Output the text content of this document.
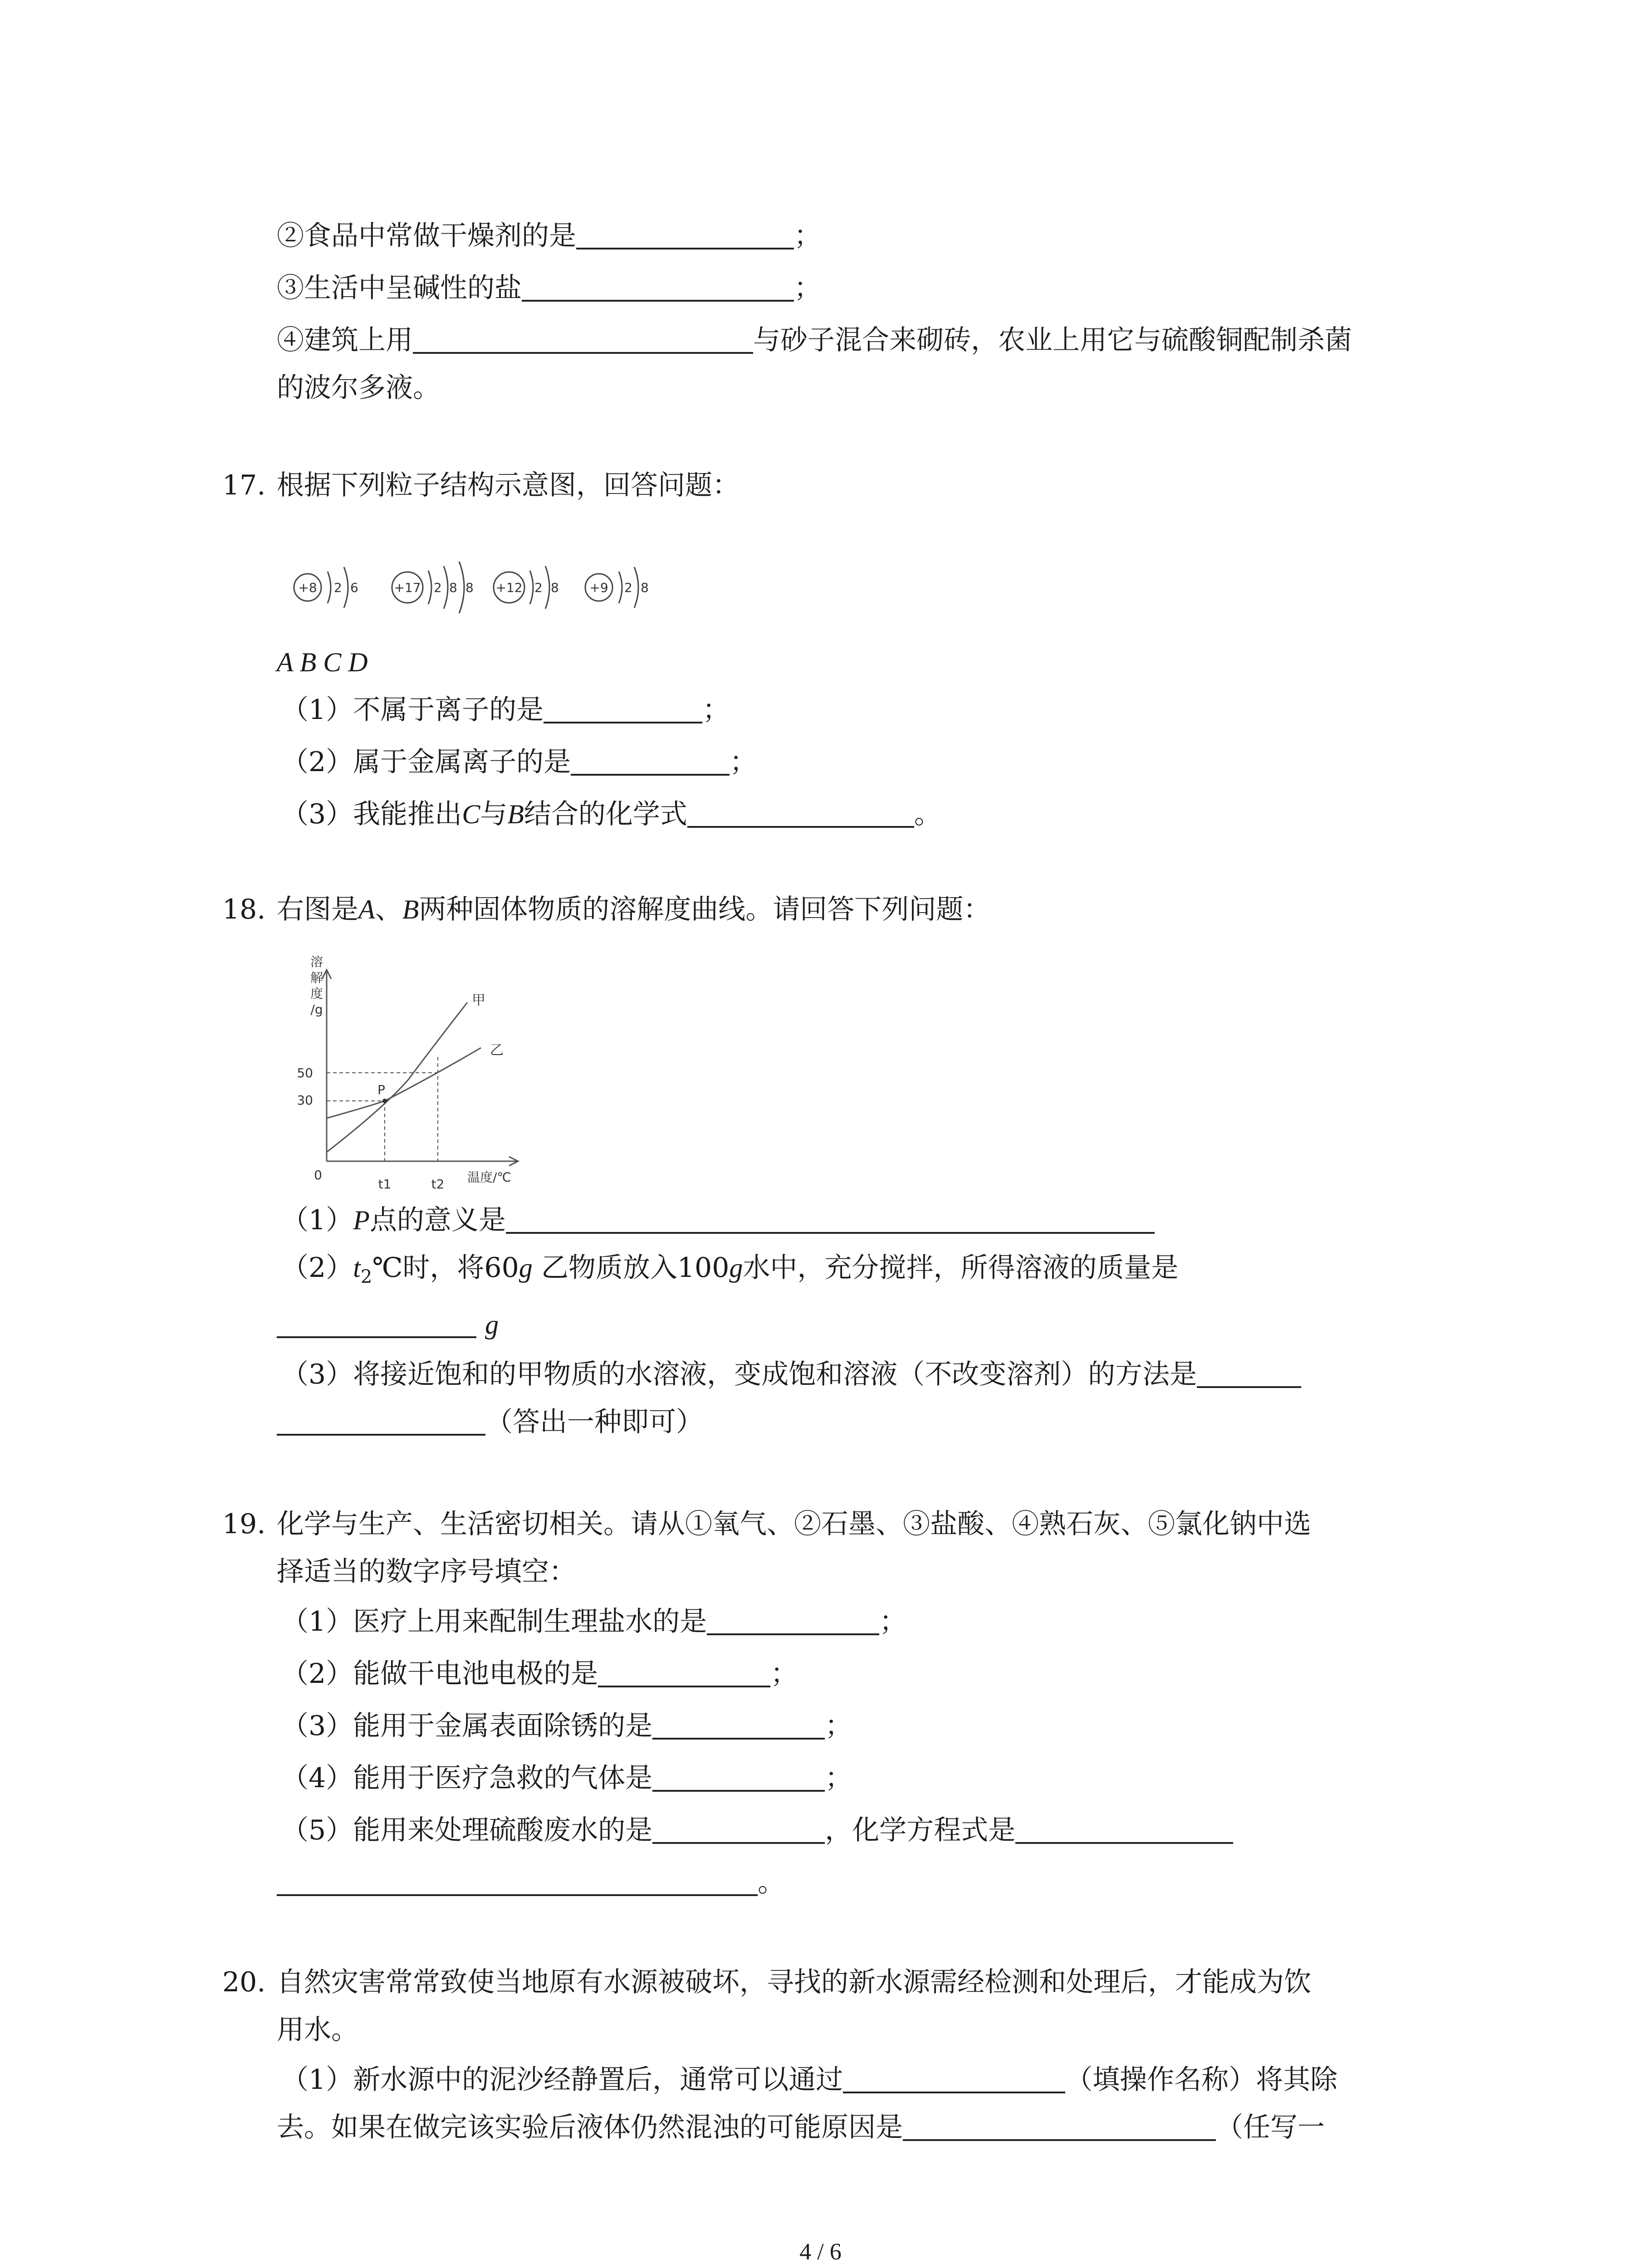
②食品中常做干燥剂的是	；
③生活中呈碱性的盐	；
④建筑上用	与砂子混合来砌砖，农业上用它与硫酸铜配制杀菌
的波尔多液。
17. 根据下列粒子结构示意图，回答问题：
+8 2 6	+17 2 8 8 +12 2 8 +9 2 8
A B C D
（1）不属于离子的是	；
（2）属于金属离子的是	；
（3）我能推出C与B结合的化学式	。
18. 右图是A、B两种固体物质的溶解度曲线。请回答下列问题：
溶
解
度
/g
50
30
0
t1	t2 温度/℃
甲
乙
P
（1）P点的意义是
$(2)t_2℃$时，将60g 乙物质放入100g水中，充分搅拌，所得溶液的质量是
g
（3）将接近饱和的甲物质的水溶液，变成饱和溶液（不改变溶剂）的方法是
（答出一种即可）
19. 化学与生产、生活密切相关。请从①氧气、②石墨、③盐酸、④熟石灰、⑤氯化钠中选
择适当的数字序号填空：
（1）医疗上用来配制生理盐水的是	；
（2）能做干电池电极的是	；
（3）能用于金属表面除锈的是	；
（4）能用于医疗急救的气体是	；
（5）能用来处理硫酸废水的是	，化学方程式是
。
20. 自然灾害常常致使当地原有水源被破坏，寻找的新水源需经检测和处理后，才能成为饮
用水。
（1）新水源中的泥沙经静置后，通常可以通过	（填操作名称）将其除
去。如果在做完该实验后液体仍然混浊的可能原因是	（任写一
4 / 6
